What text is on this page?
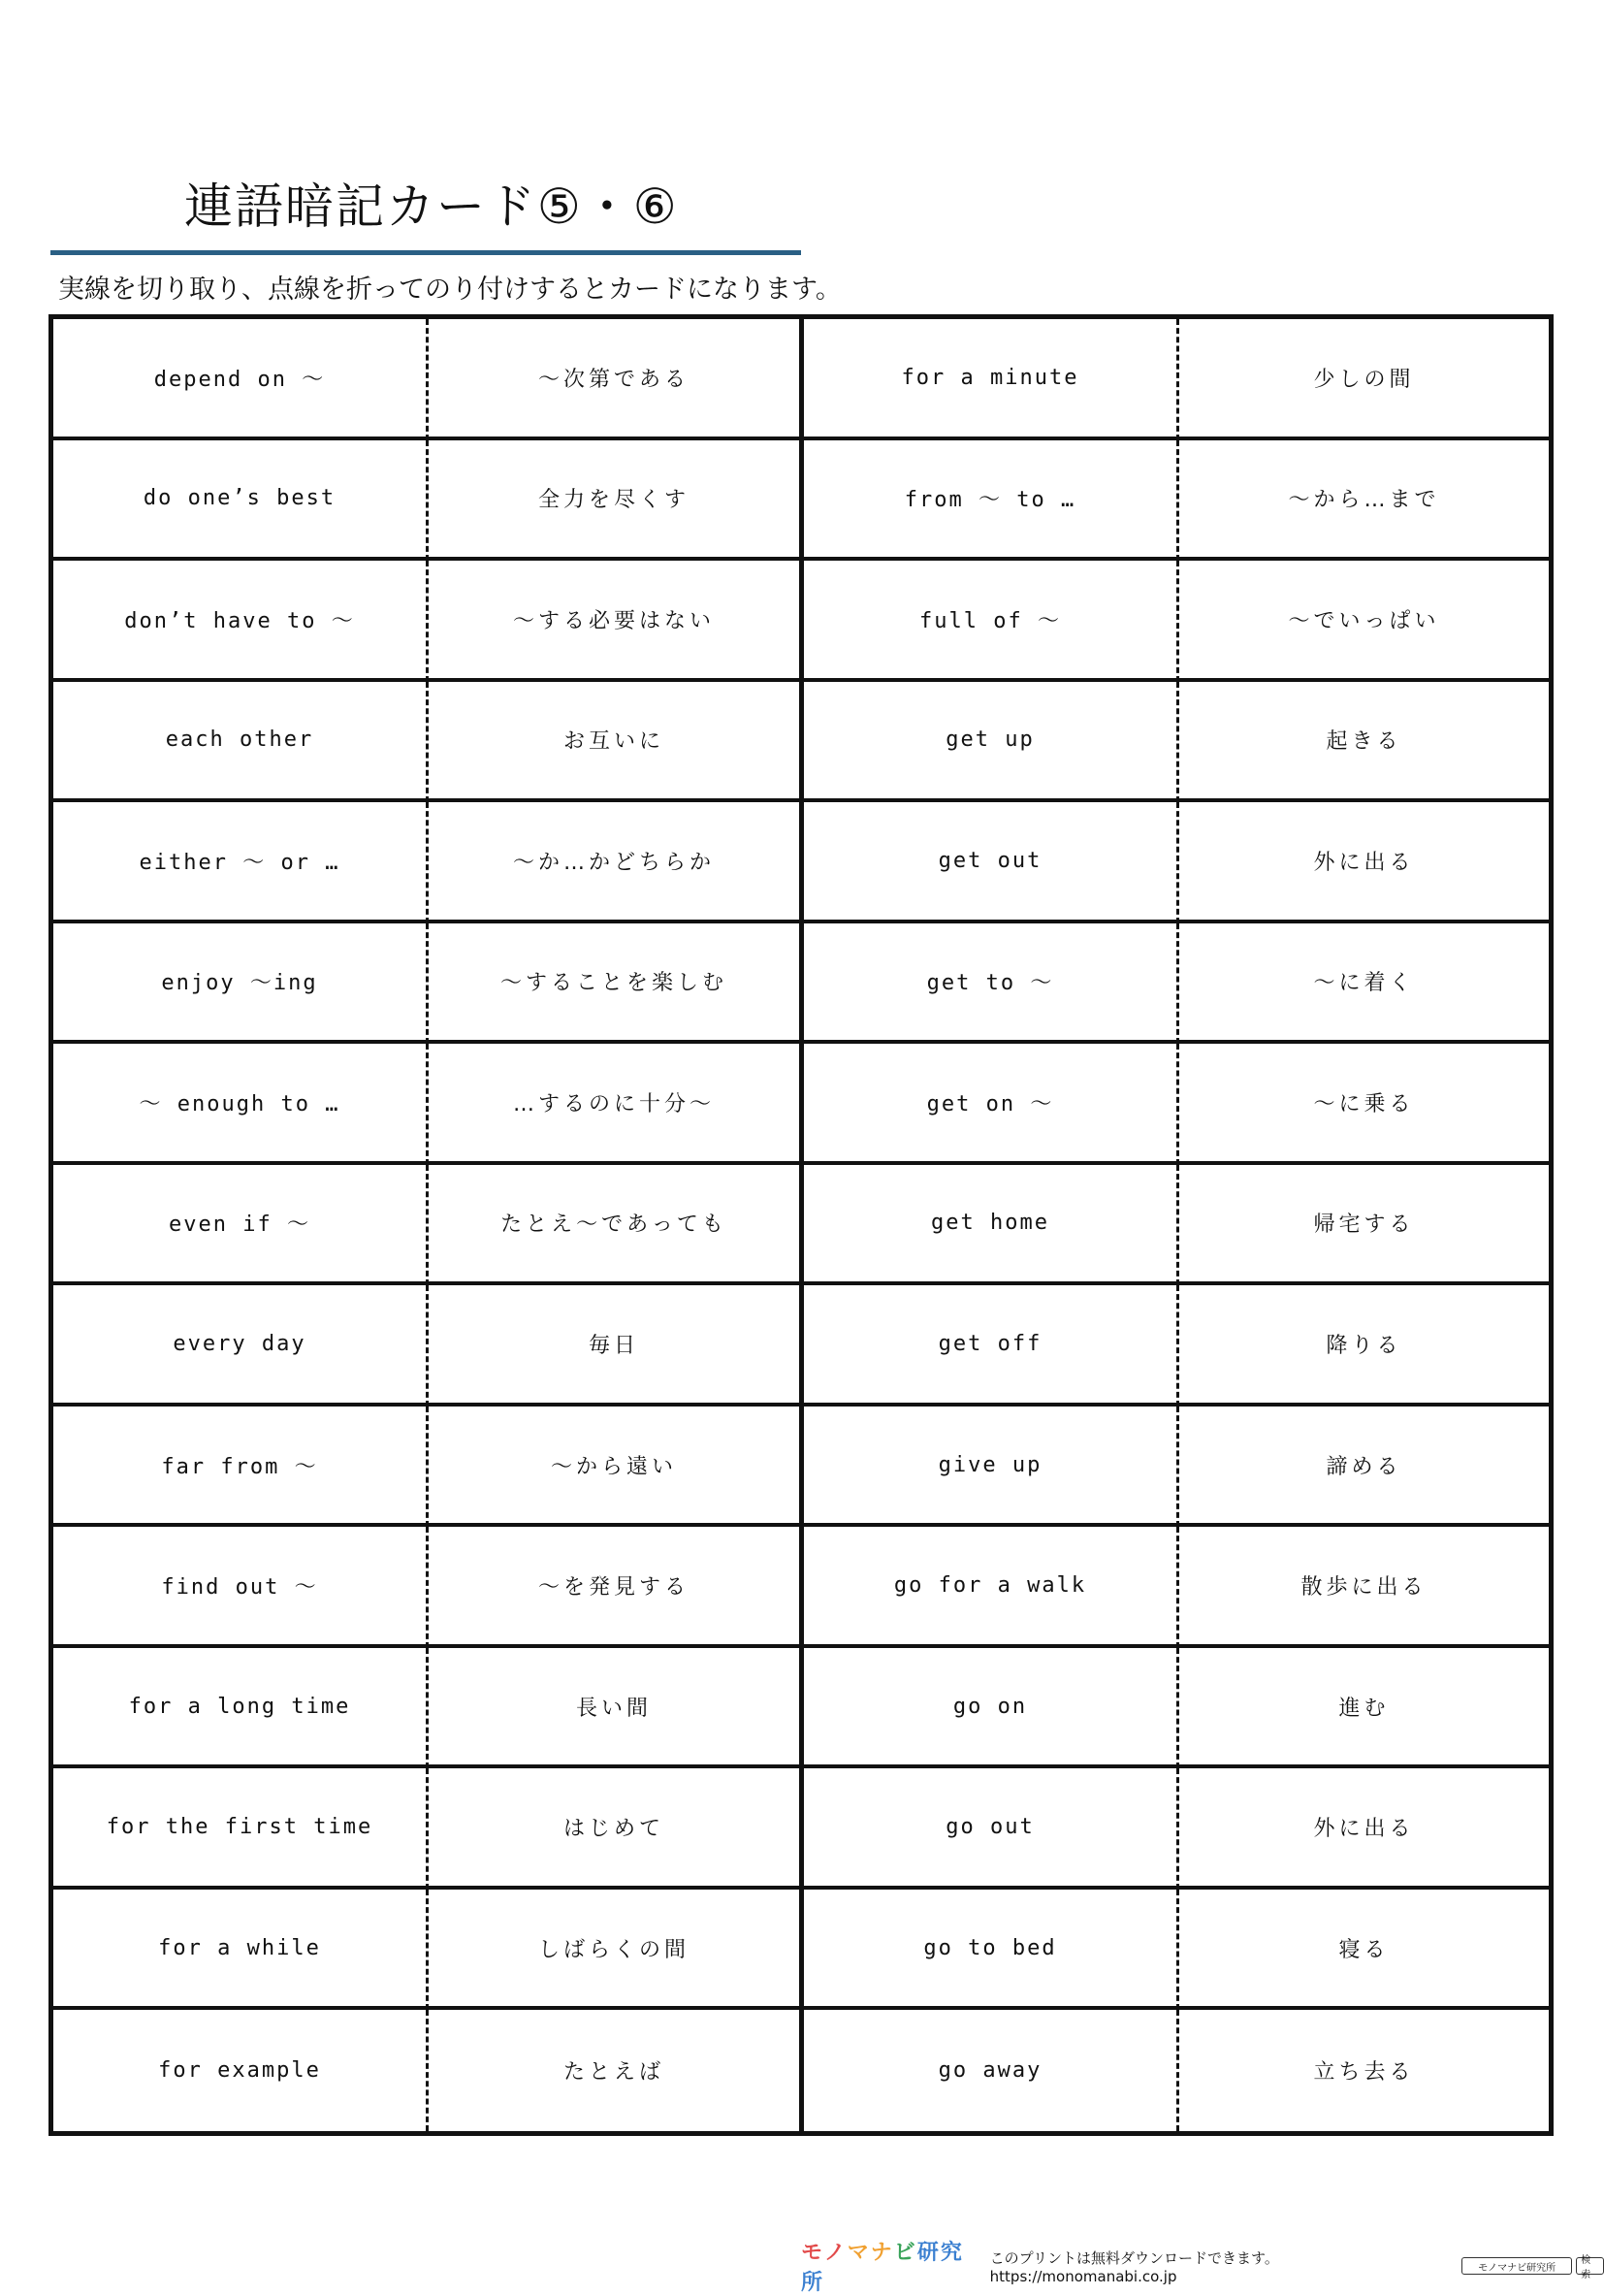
連語暗記カード⑤・⑥
実線を切り取り、点線を折ってのり付けするとカードになります。
depend on ～	～次第である	for a minute	少しの間
do one’s best	全力を尽くす	from ～ to …	～から…まで
don’t have to ～	～する必要はない	full of ～	～でいっぱい
each other	お互いに	get up	起きる
either ～ or …	～か…かどちらか	get out	外に出る
enjoy ～ing	～することを楽しむ	get to ～	～に着く
～ enough to …	…するのに十分～	get on ～	～に乗る
even if ～	たとえ～であっても	get home	帰宅する
every day	毎日	get off	降りる
far from ～	～から遠い	give up	諦める
find out ～	～を発見する	go for a walk	散歩に出る
for a long time	長い間	go on	進む
for the first time	はじめて	go out	外に出る
for a while	しばらくの間	go to bed	寝る
for example	たとえば	go away	立ち去る
モノマナビ研究所
このプリントは無料ダウンロードできます。https://monomanabi.co.jp	モノマナビ研究所
検索
